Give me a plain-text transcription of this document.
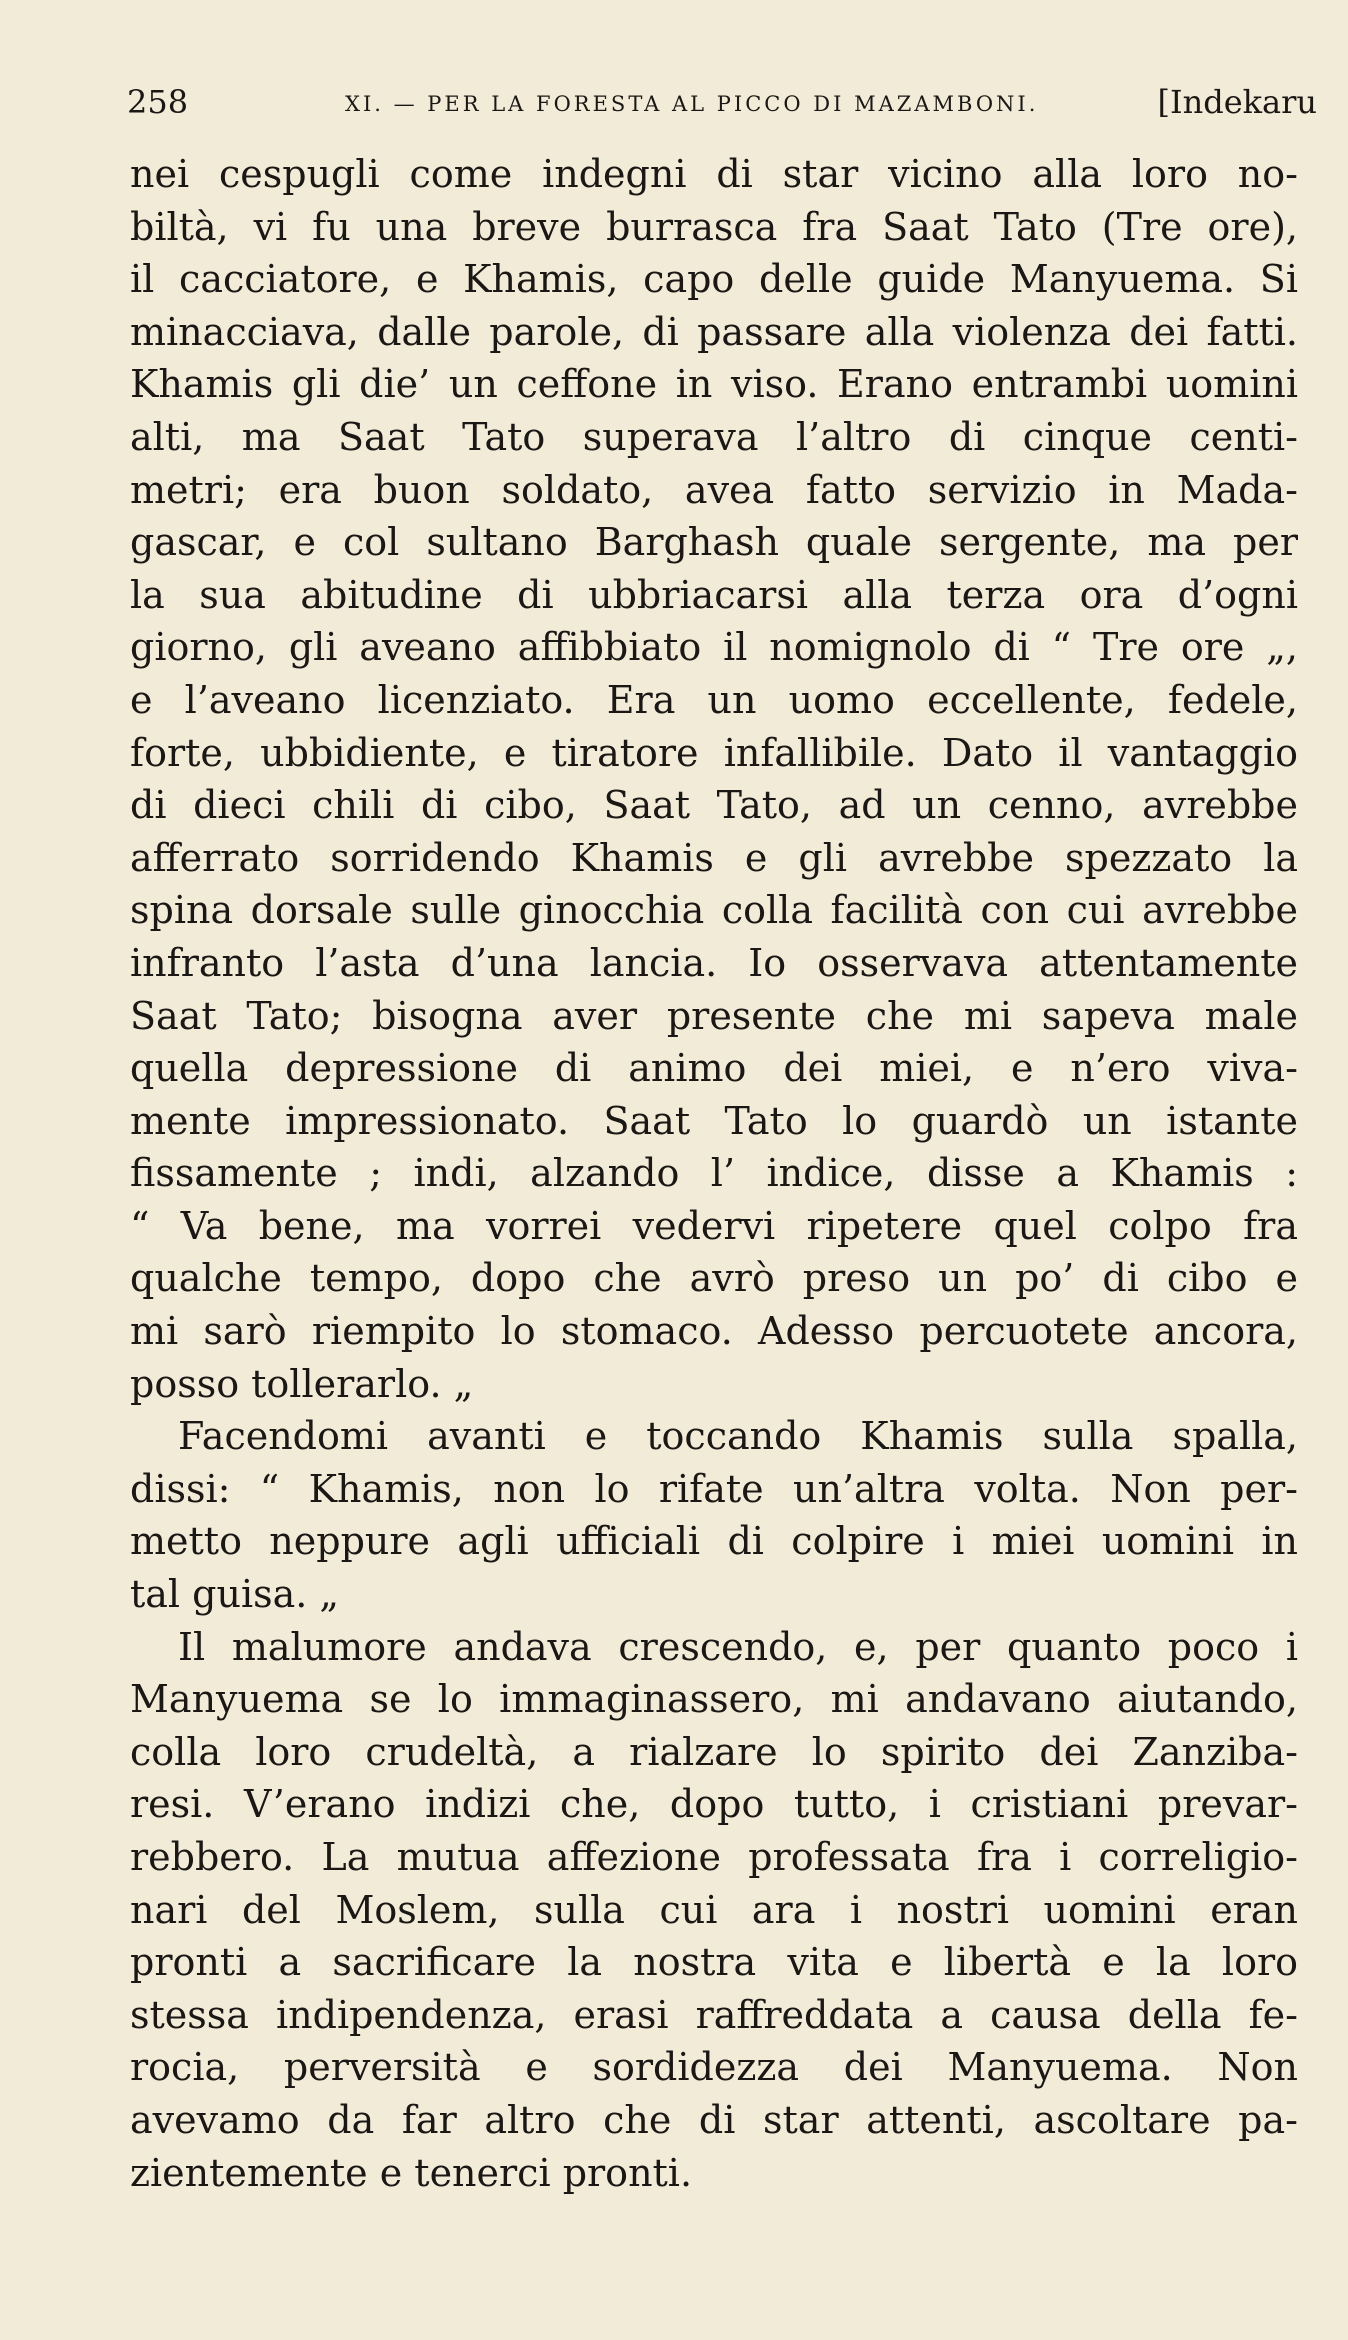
258	XI. — PER LA FORESTA AL PICCO DI MAZAMBONI.	[Indekaru
nei cespugli come indegni di star vicino alla loro no-
biltà, vi fu una breve burrasca fra Saat Tato (Tre ore),
il cacciatore, e Khamis, capo delle guide Manyuema. Si
minacciava, dalle parole, di passare alla violenza dei fatti.
Khamis gli die’ un ceffone in viso. Erano entrambi uomini
alti, ma Saat Tato superava l’altro di cinque centi-
metri; era buon soldato, avea fatto servizio in Mada-
gascar, e col sultano Barghash quale sergente, ma per
la sua abitudine di ubbriacarsi alla terza ora d’ogni
giorno, gli aveano affibbiato il nomignolo di “ Tre ore „,
e l’aveano licenziato. Era un uomo eccellente, fedele,
forte, ubbidiente, e tiratore infallibile. Dato il vantaggio
di dieci chili di cibo, Saat Tato, ad un cenno, avrebbe
afferrato sorridendo Khamis e gli avrebbe spezzato la
spina dorsale sulle ginocchia colla facilità con cui avrebbe
infranto l’asta d’una lancia. Io osservava attentamente
Saat Tato; bisogna aver presente che mi sapeva male
quella depressione di animo dei miei, e n’ero viva-
mente impressionato. Saat Tato lo guardò un istante
fissamente ; indi, alzando l’ indice, disse a Khamis :
“ Va bene, ma vorrei vedervi ripetere quel colpo fra
qualche tempo, dopo che avrò preso un po’ di cibo e
mi sarò riempito lo stomaco. Adesso percuotete ancora,
posso tollerarlo. „
Facendomi avanti e toccando Khamis sulla spalla,
dissi: “ Khamis, non lo rifate un’altra volta. Non per-
metto neppure agli ufficiali di colpire i miei uomini in
tal guisa. „
Il malumore andava crescendo, e, per quanto poco i
Manyuema se lo immaginassero, mi andavano aiutando,
colla loro crudeltà, a rialzare lo spirito dei Zanziba-
resi. V’erano indizi che, dopo tutto, i cristiani prevar-
rebbero. La mutua affezione professata fra i correligio-
nari del Moslem, sulla cui ara i nostri uomini eran
pronti a sacrificare la nostra vita e libertà e la loro
stessa indipendenza, erasi raffreddata a causa della fe-
rocia, perversità e sordidezza dei Manyuema. Non
avevamo da far altro che di star attenti, ascoltare pa-
zientemente e tenerci pronti.
